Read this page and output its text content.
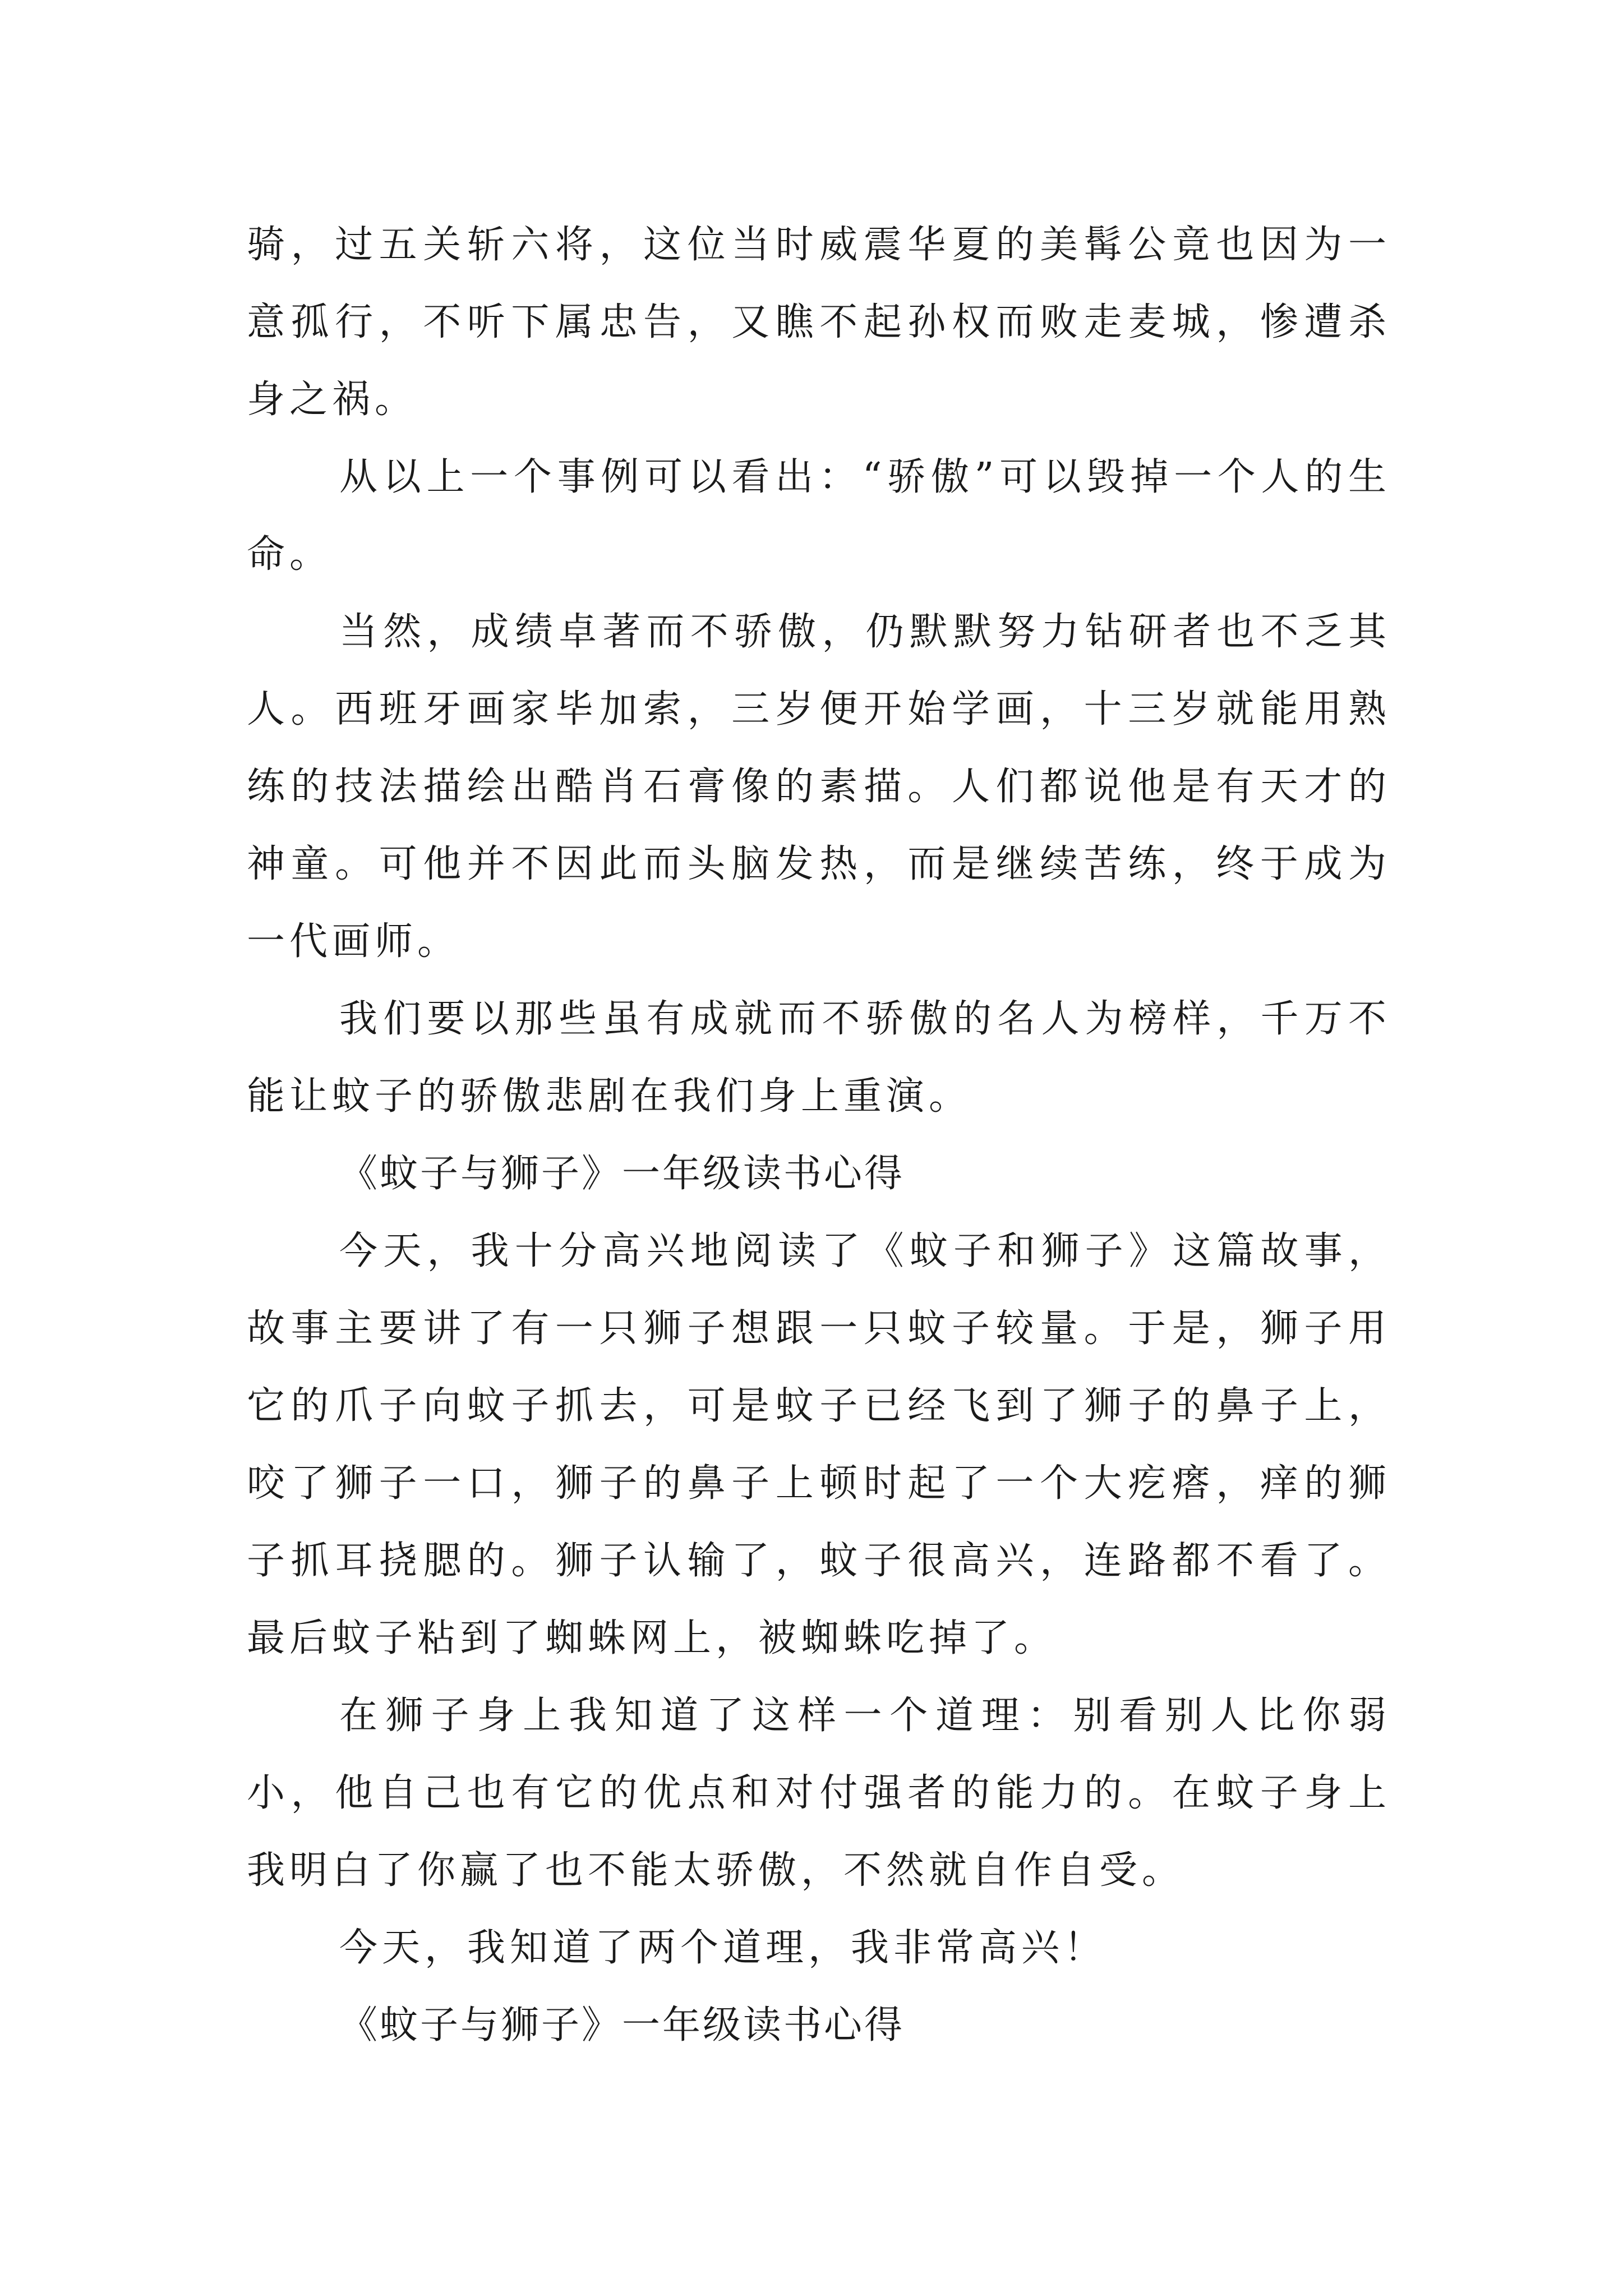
骑，过五关斩六将，这位当时威震华夏的美髯公竟也因为一意孤行，不听下属忠告，又瞧不起孙权而败走麦城，惨遭杀身之祸。

从以上一个事例可以看出：“骄傲”可以毁掉一个人的生命。

当然，成绩卓著而不骄傲，仍默默努力钻研者也不乏其人。西班牙画家毕加索，三岁便开始学画，十三岁就能用熟练的技法描绘出酷肖石膏像的素描。人们都说他是有天才的神童。可他并不因此而头脑发热，而是继续苦练，终于成为一代画师。

我们要以那些虽有成就而不骄傲的名人为榜样，千万不能让蚊子的骄傲悲剧在我们身上重演。

《蚊子与狮子》一年级读书心得

今天，我十分高兴地阅读了《蚊子和狮子》这篇故事，故事主要讲了有一只狮子想跟一只蚊子较量。于是，狮子用它的爪子向蚊子抓去，可是蚊子已经飞到了狮子的鼻子上，咬了狮子一口，狮子的鼻子上顿时起了一个大疙瘩，痒的狮子抓耳挠腮的。狮子认输了，蚊子很高兴，连路都不看了。最后蚊子粘到了蜘蛛网上，被蜘蛛吃掉了。

在狮子身上我知道了这样一个道理：别看别人比你弱小，他自己也有它的优点和对付强者的能力的。在蚊子身上我明白了你赢了也不能太骄傲，不然就自作自受。

今天，我知道了两个道理，我非常高兴！

《蚊子与狮子》一年级读书心得
